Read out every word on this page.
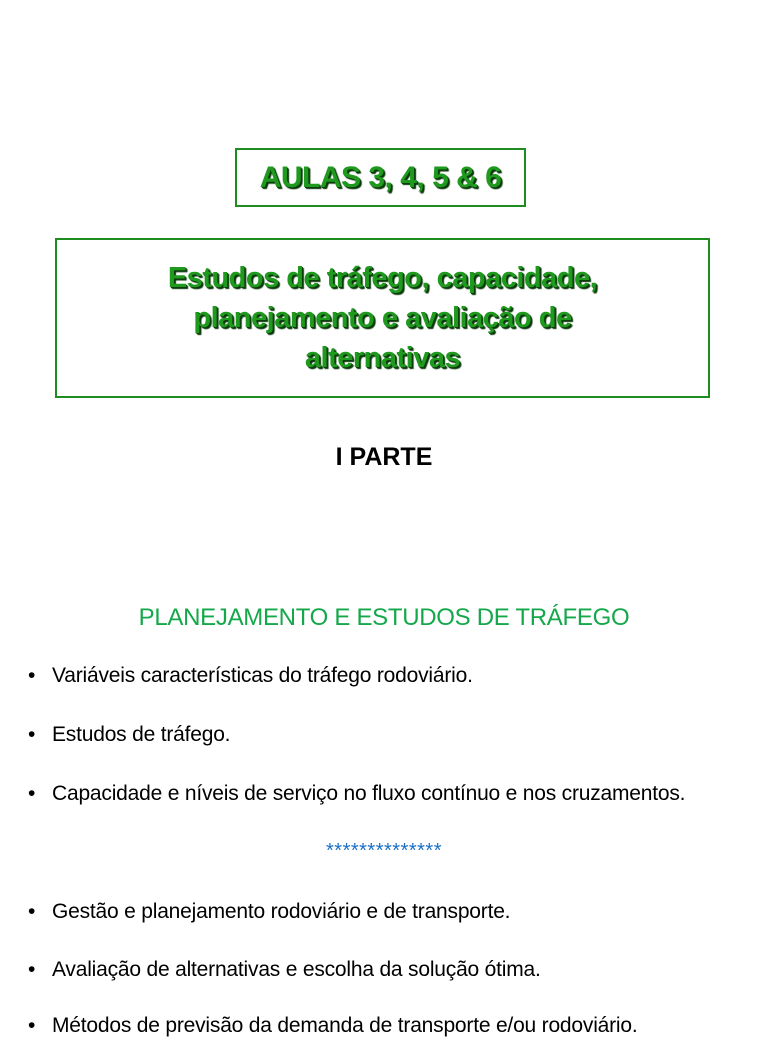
AULAS 3, 4, 5 & 6

Estudos de tráfego, capacidade,
planejamento e avaliação de
alternativas

I PARTE
PLANEJAMENTO E ESTUDOS DE TRÁFEGO
• Variáveis características do tráfego rodoviário.
• Estudos de tráfego.
• Capacidade e níveis de serviço no fluxo contínuo e nos cruzamentos.
• Gestão e planejamento rodoviário e de transporte.
• Avaliação de alternativas e escolha da solução ótima.
• Métodos de previsão da demanda de transporte e/ou rodoviário.
**************
